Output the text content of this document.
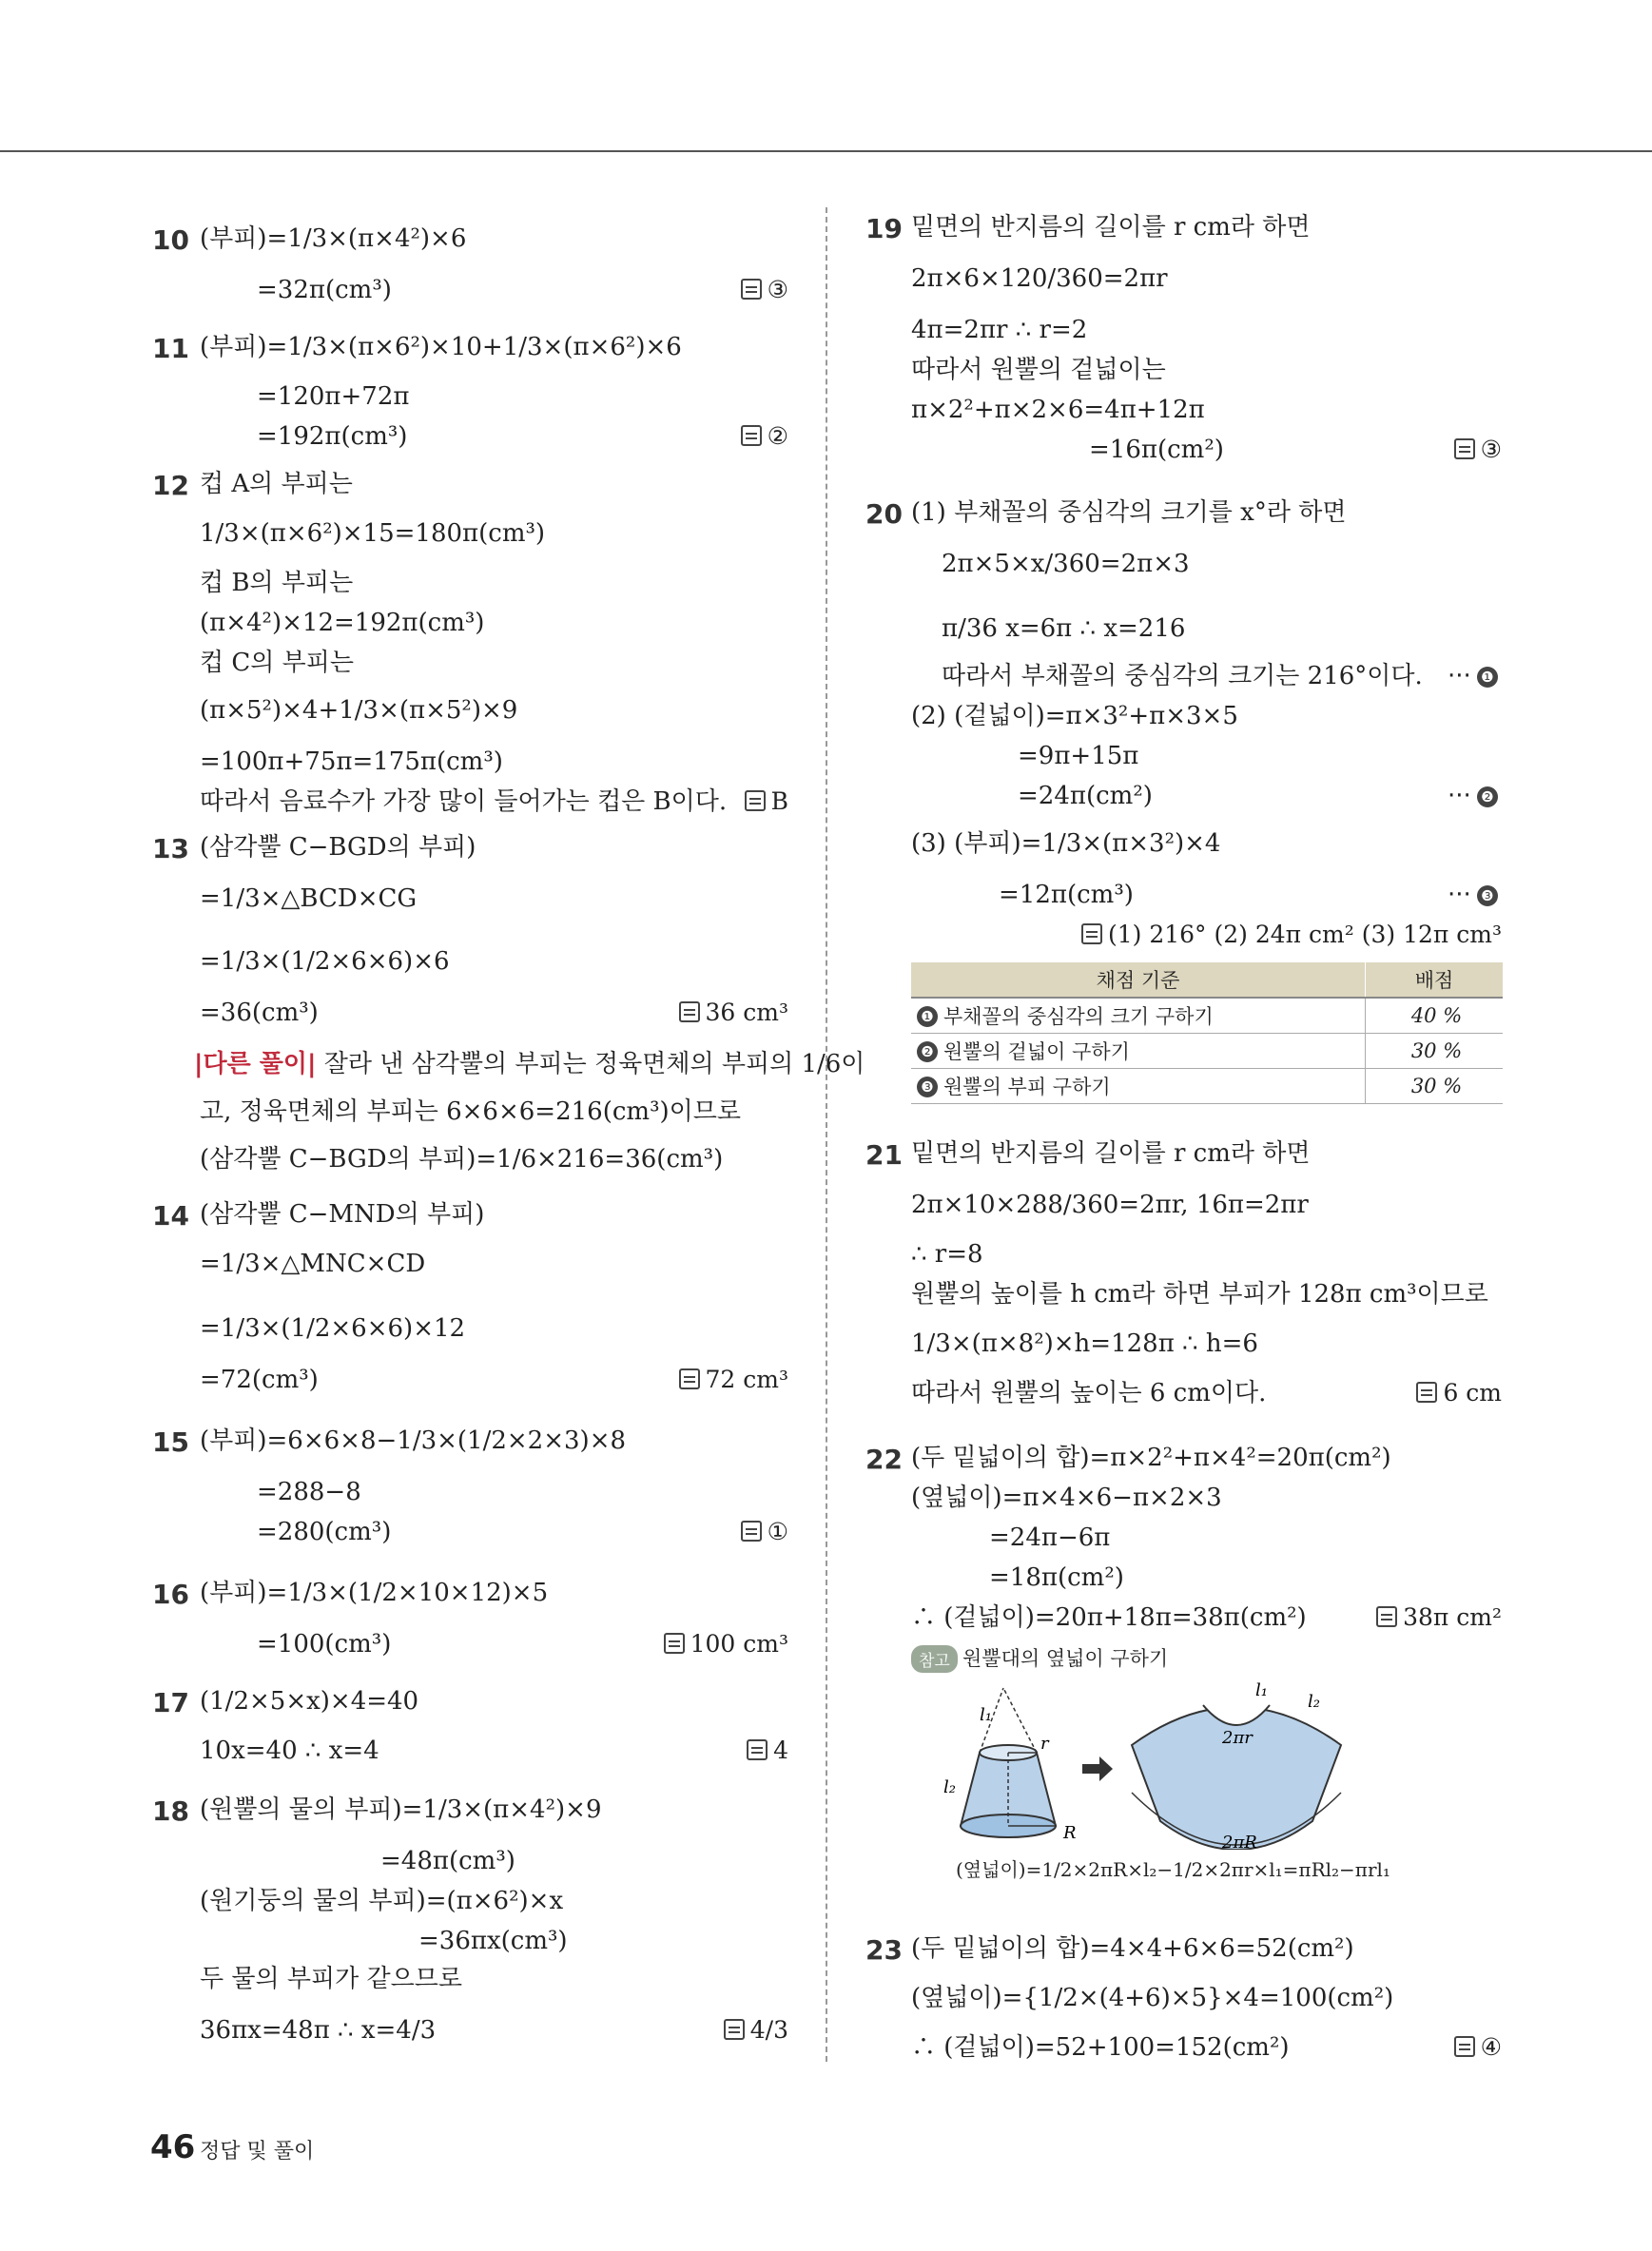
10 (부피)=1/3×(π×4²)×6
=32π(cm³)	③
11 (부피)=1/3×(π×6²)×10+1/3×(π×6²)×6
=120π+72π
=192π(cm³)	②
12 컵 A의 부피는
1/3×(π×6²)×15=180π(cm³)
컵 B의 부피는
(π×4²)×12=192π(cm³)
컵 C의 부피는
(π×5²)×4+1/3×(π×5²)×9
=100π+75π=175π(cm³)
따라서 음료수가 가장 많이 들어가는 컵은 B이다.	B
13 (삼각뿔 C−BGD의 부피)
=1/3×△BCD×CG
=1/3×(1/2×6×6)×6
=36(cm³)	36 cm³
|다른 풀이| 잘라 낸 삼각뿔의 부피는 정육면체의 부피의 1/6이
고, 정육면체의 부피는 6×6×6=216(cm³)이므로
(삼각뿔 C−BGD의 부피)=1/6×216=36(cm³)
14 (삼각뿔 C−MND의 부피)
=1/3×△MNC×CD
=1/3×(1/2×6×6)×12
=72(cm³)	72 cm³
15 (부피)=6×6×8−1/3×(1/2×2×3)×8
=288−8
=280(cm³)	①
16 (부피)=1/3×(1/2×10×12)×5
=100(cm³)	100 cm³
17 (1/2×5×x)×4=40
10x=40 ∴ x=4	4
18 (원뿔의 물의 부피)=1/3×(π×4²)×9
=48π(cm³)
(원기둥의 물의 부피)=(π×6²)×x
=36πx(cm³)
두 물의 부피가 같으므로
36πx=48π ∴ x=4/3	4/3
19 밑면의 반지름의 길이를 r cm라 하면
2π×6×120/360=2πr
4π=2πr ∴ r=2
따라서 원뿔의 겉넓이는
π×2²+π×2×6=4π+12π
=16π(cm²)	③
20 (1) 부채꼴의 중심각의 크기를 x°라 하면
2π×5×x/360=2π×3
π/36 x=6π ∴ x=216
따라서 부채꼴의 중심각의 크기는 216°이다. ··· ❶
(2) (겉넓이)=π×3²+π×3×5
=9π+15π
=24π(cm²)	··· ❷
(3) (부피)=1/3×(π×3²)×4
=12π(cm³)	··· ❸
(1) 216° (2) 24π cm² (3) 12π cm³
채점 기준	배점
❶ 부채꼴의 중심각의 크기 구하기	40 %
❷ 원뿔의 겉넓이 구하기	30 %
❸ 원뿔의 부피 구하기	30 %
21 밑면의 반지름의 길이를 r cm라 하면
2π×10×288/360=2πr, 16π=2πr
∴ r=8
원뿔의 높이를 h cm라 하면 부피가 128π cm³이므로
1/3×(π×8²)×h=128π ∴ h=6
따라서 원뿔의 높이는 6 cm이다.	6 cm
22 (두 밑넓이의 합)=π×2²+π×4²=20π(cm²)
(옆넓이)=π×4×6−π×2×3
=24π−6π
=18π(cm²)
∴ (겉넓이)=20π+18π=38π(cm²)	38π cm²
참고 원뿔대의 옆넓이 구하기
l₁
l₂
r
R
2πr
2πR
l₁
l₂
(옆넓이)=1/2×2πR×l₂−1/2×2πr×l₁=πRl₂−πrl₁
23 (두 밑넓이의 합)=4×4+6×6=52(cm²)
(옆넓이)={1/2×(4+6)×5}×4=100(cm²)
∴ (겉넓이)=52+100=152(cm²)	④
46 정답 및 풀이
